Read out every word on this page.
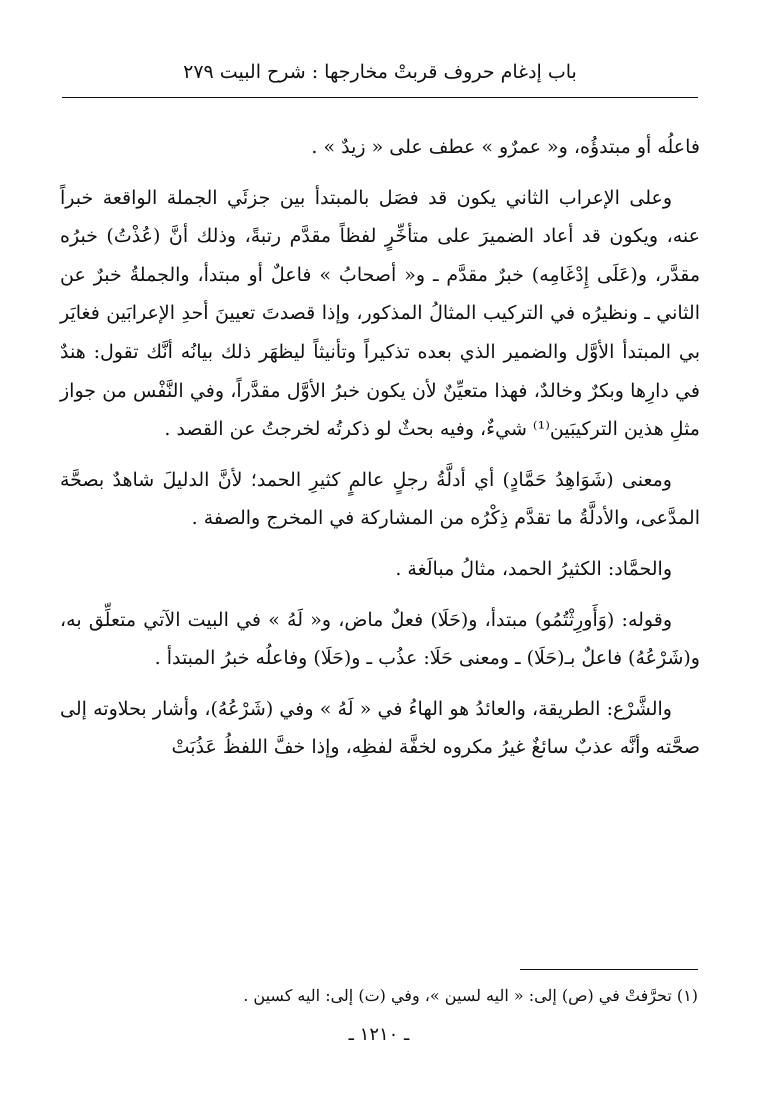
باب إدغام حروف قربتْ مخارجها : شرح البيت ٢٧٩

فاعلُه أو مبتدؤُه، و« عمرٌو » عطف على « زيدٌ » .

وعلى الإعراب الثاني يكون قد فصَل بالمبتدأ بين جزئَي الجملة الواقعة خبراً عنه، ويكون قد أعاد الضميرَ على متأخِّرٍ لفظاً مقدَّم رتبةً، وذلك أنَّ (عُذْتُ) خبرُه مقدَّر، و(عَلَى إِدْغَامِه) خبرٌ مقدَّم ـ و« أصحابُ » فاعلٌ أو مبتدأ، والجملةُ خبرٌ عن الثاني ـ ونظيرُه في التركيب المثالُ المذكور، وإذا قصدتَ تعيينَ أحدِ الإعرابَين فغايَر بي المبتدأ الأوَّل والضمير الذي بعده تذكيراً وتأنيثاً ليظهَر ذلك بيانُه أنَّك تقول: هندٌ في دارِها وبكرٌ وخالدٌ، فهذا متعيِّنٌ لأن يكون خبرُ الأوَّل مقدَّراً، وفي النَّفْس من جواز مثلِ هذين التركيبَين⁽¹⁾ شيءٌ، وفيه بحثٌ لو ذكرتُه لخرجتُ عن القصد .

ومعنى (شَوَاهِدُ حَمَّادٍ) أي أدلَّةُ رجلٍ عالمٍ كثيرِ الحمد؛ لأنَّ الدليلَ شاهدٌ بصحَّة المدَّعى، والأدلَّةُ ما تقدَّم ذِكْرُه من المشاركة في المخرج والصفة .

والحمَّاد: الكثيرُ الحمد، مثالُ مبالَغة .

وقوله: (وَأَورِثْتُمُو) مبتدأ، و(حَلَا) فعلٌ ماض، و« لَهُ » في البيت الآتي متعلِّق به، و(شَرْعُهُ) فاعلٌ بـ(حَلَا) ـ ومعنى حَلَا: عذُب ـ و(حَلَا) وفاعلُه خبرُ المبتدأ .

والشَّرْع: الطريقة، والعائدُ هو الهاءُ في « لَهُ » وفي (شَرْعُهُ)، وأشار بحلاوته إلى صحَّته وأنَّه عذبٌ سائغٌ غيرُ مكروه لخفَّة لفظِه، وإذا خفَّ اللفظُ عَذُبَتْ

(١) تحرَّفتْ في (ص) إلى: « اليه لسين »، وفي (ت) إلى: اليه كسين .
ـ ١٢١٠ ـ
